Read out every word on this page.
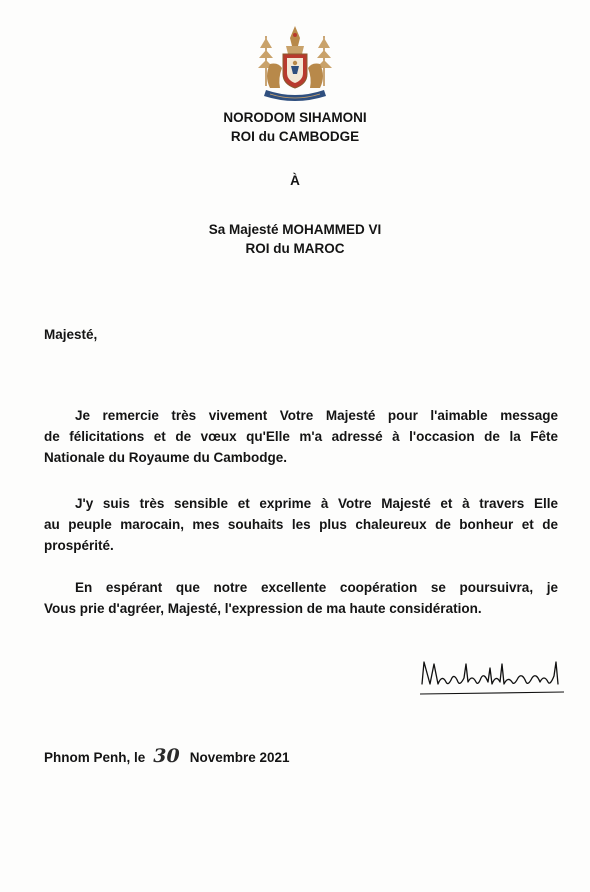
NORODOM SIHAMONI
ROI du CAMBODGE
À
Sa Majesté MOHAMMED VI
ROI du MAROC
Majesté,
Je remercie très vivement Votre Majesté pour l'aimable message
de félicitations et de vœux qu'Elle m'a adressé à l'occasion de la Fête
Nationale du Royaume du Cambodge.
J'y suis très sensible et exprime à Votre Majesté et à travers Elle
au peuple marocain, mes souhaits les plus chaleureux de bonheur et de
prospérité.
En espérant que notre excellente coopération se poursuivra, je
Vous prie d'agréer, Majesté, l'expression de ma haute considération.
Phnom Penh, le 30 Novembre 2021
